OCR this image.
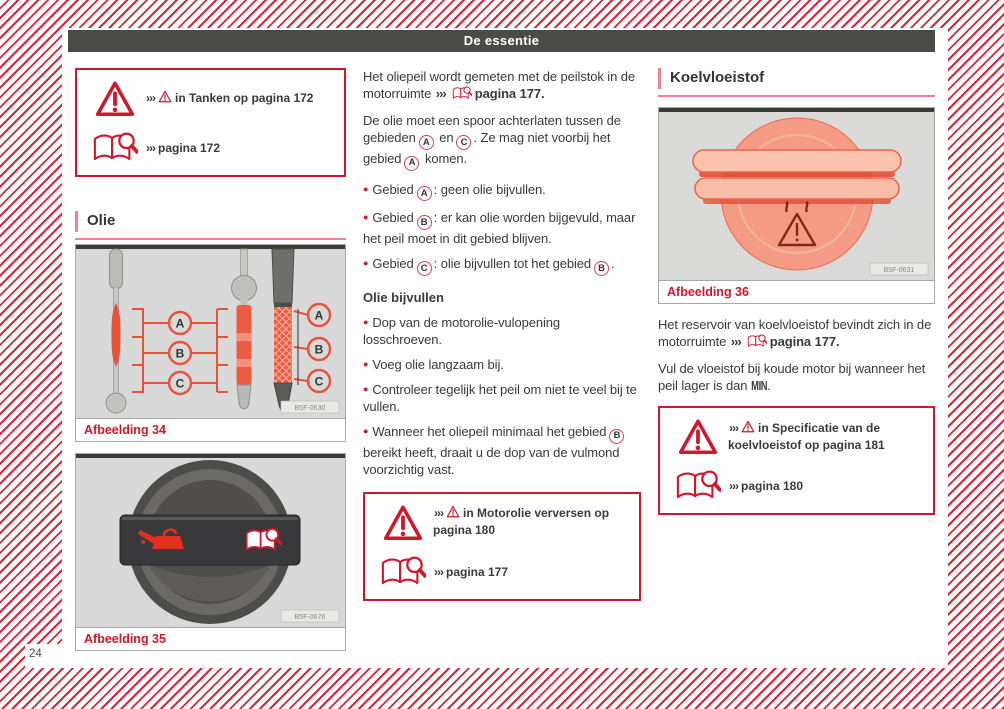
De essentie
››› in Tanken op pagina 172
››› pagina 172
Olie
A
B
C
A
B
C
B5F-0630
Afbeelding 34
B5F-0676
Afbeelding 35

Het oliepeil wordt gemeten met de peilstok in de motorruimte ››› pagina 177.

De olie moet een spoor achterlaten tussen de gebieden A en C . Ze mag niet voorbij het gebied A komen.

● Gebied A : geen olie bijvullen.

● Gebied B : er kan olie worden bijgevuld, maar het peil moet in dit gebied blijven.

● Gebied C : olie bijvullen tot het gebied B .

Olie bijvullen

● Dop van de motorolie-vulopening losschroeven.

● Voeg olie langzaam bij.

● Controleer tegelijk het peil om niet te veel bij te vullen.

● Wanneer het oliepeil minimaal het gebied B bereikt heeft, draait u de dop van de vulmond voorzichtig vast.

››› in Motorolie verversen op pagina 180
››› pagina 177
Koelvloeistof
B5F-0631
Afbeelding 36

Het reservoir van koelvloeistof bevindt zich in de motorruimte ››› pagina 177.

Vul de vloeistof bij koude motor bij wanneer het peil lager is dan MIN.

››› in Specificatie van de koelvloeistof op pagina 181
››› pagina 180
24
